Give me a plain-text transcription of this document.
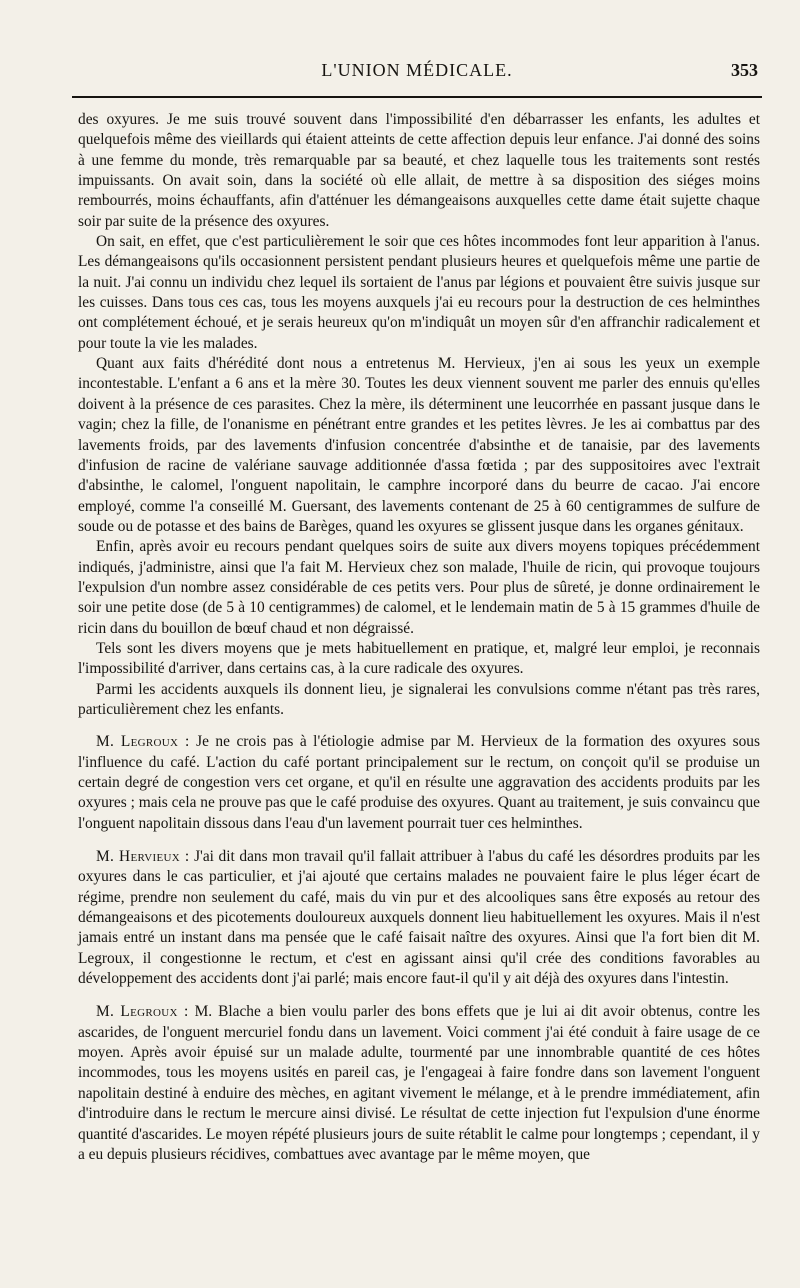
L'UNION MÉDICALE.	353

des oxyures. Je me suis trouvé souvent dans l'impossibilité d'en débarrasser les enfants, les adultes et quelquefois même des vieillards qui étaient atteints de cette affection depuis leur enfance. J'ai donné des soins à une femme du monde, très remarquable par sa beauté, et chez laquelle tous les traitements sont restés impuissants. On avait soin, dans la société où elle allait, de mettre à sa disposition des siéges moins rembourrés, moins échauffants, afin d'atténuer les démangeaisons auxquelles cette dame était sujette chaque soir par suite de la présence des oxyures.

On sait, en effet, que c'est particulièrement le soir que ces hôtes incommodes font leur apparition à l'anus. Les démangeaisons qu'ils occasionnent persistent pendant plusieurs heures et quelquefois même une partie de la nuit. J'ai connu un individu chez lequel ils sortaient de l'anus par légions et pouvaient être suivis jusque sur les cuisses. Dans tous ces cas, tous les moyens auxquels j'ai eu recours pour la destruction de ces helminthes ont complétement échoué, et je serais heureux qu'on m'indiquât un moyen sûr d'en affranchir radicalement et pour toute la vie les malades.

Quant aux faits d'hérédité dont nous a entretenus M. Hervieux, j'en ai sous les yeux un exemple incontestable. L'enfant a 6 ans et la mère 30. Toutes les deux viennent souvent me parler des ennuis qu'elles doivent à la présence de ces parasites. Chez la mère, ils déterminent une leucorrhée en passant jusque dans le vagin; chez la fille, de l'onanisme en pénétrant entre grandes et les petites lèvres. Je les ai combattus par des lavements froids, par des lavements d'infusion concentrée d'absinthe et de tanaisie, par des lavements d'infusion de racine de valériane sauvage additionnée d'assa fœtida ; par des suppositoires avec l'extrait d'absinthe, le calomel, l'onguent napolitain, le camphre incorporé dans du beurre de cacao. J'ai encore employé, comme l'a conseillé M. Guersant, des lavements contenant de 25 à 60 centigrammes de sulfure de soude ou de potasse et des bains de Barèges, quand les oxyures se glissent jusque dans les organes génitaux.

Enfin, après avoir eu recours pendant quelques soirs de suite aux divers moyens topiques précédemment indiqués, j'administre, ainsi que l'a fait M. Hervieux chez son malade, l'huile de ricin, qui provoque toujours l'expulsion d'un nombre assez considérable de ces petits vers. Pour plus de sûreté, je donne ordinairement le soir une petite dose (de 5 à 10 centigrammes) de calomel, et le lendemain matin de 5 à 15 grammes d'huile de ricin dans du bouillon de bœuf chaud et non dégraissé.

Tels sont les divers moyens que je mets habituellement en pratique, et, malgré leur emploi, je reconnais l'impossibilité d'arriver, dans certains cas, à la cure radicale des oxyures.

Parmi les accidents auxquels ils donnent lieu, je signalerai les convulsions comme n'étant pas très rares, particulièrement chez les enfants.

M. Legroux : Je ne crois pas à l'étiologie admise par M. Hervieux de la formation des oxyures sous l'influence du café. L'action du café portant principalement sur le rectum, on conçoit qu'il se produise un certain degré de congestion vers cet organe, et qu'il en résulte une aggravation des accidents produits par les oxyures ; mais cela ne prouve pas que le café produise des oxyures. Quant au traitement, je suis convaincu que l'onguent napolitain dissous dans l'eau d'un lavement pourrait tuer ces helminthes.

M. Hervieux : J'ai dit dans mon travail qu'il fallait attribuer à l'abus du café les désordres produits par les oxyures dans le cas particulier, et j'ai ajouté que certains malades ne pouvaient faire le plus léger écart de régime, prendre non seulement du café, mais du vin pur et des alcooliques sans être exposés au retour des démangeaisons et des picotements douloureux auxquels donnent lieu habituellement les oxyures. Mais il n'est jamais entré un instant dans ma pensée que le café faisait naître des oxyures. Ainsi que l'a fort bien dit M. Legroux, il congestionne le rectum, et c'est en agissant ainsi qu'il crée des conditions favorables au développement des accidents dont j'ai parlé; mais encore faut-il qu'il y ait déjà des oxyures dans l'intestin.

M. Legroux : M. Blache a bien voulu parler des bons effets que je lui ai dit avoir obtenus, contre les ascarides, de l'onguent mercuriel fondu dans un lavement. Voici comment j'ai été conduit à faire usage de ce moyen. Après avoir épuisé sur un malade adulte, tourmenté par une innombrable quantité de ces hôtes incommodes, tous les moyens usités en pareil cas, je l'engageai à faire fondre dans son lavement l'onguent napolitain destiné à enduire des mèches, en agitant vivement le mélange, et à le prendre immédiatement, afin d'introduire dans le rectum le mercure ainsi divisé. Le résultat de cette injection fut l'expulsion d'une énorme quantité d'ascarides. Le moyen répété plusieurs jours de suite rétablit le calme pour longtemps ; cependant, il y a eu depuis plusieurs récidives, combattues avec avantage par le même moyen, que
